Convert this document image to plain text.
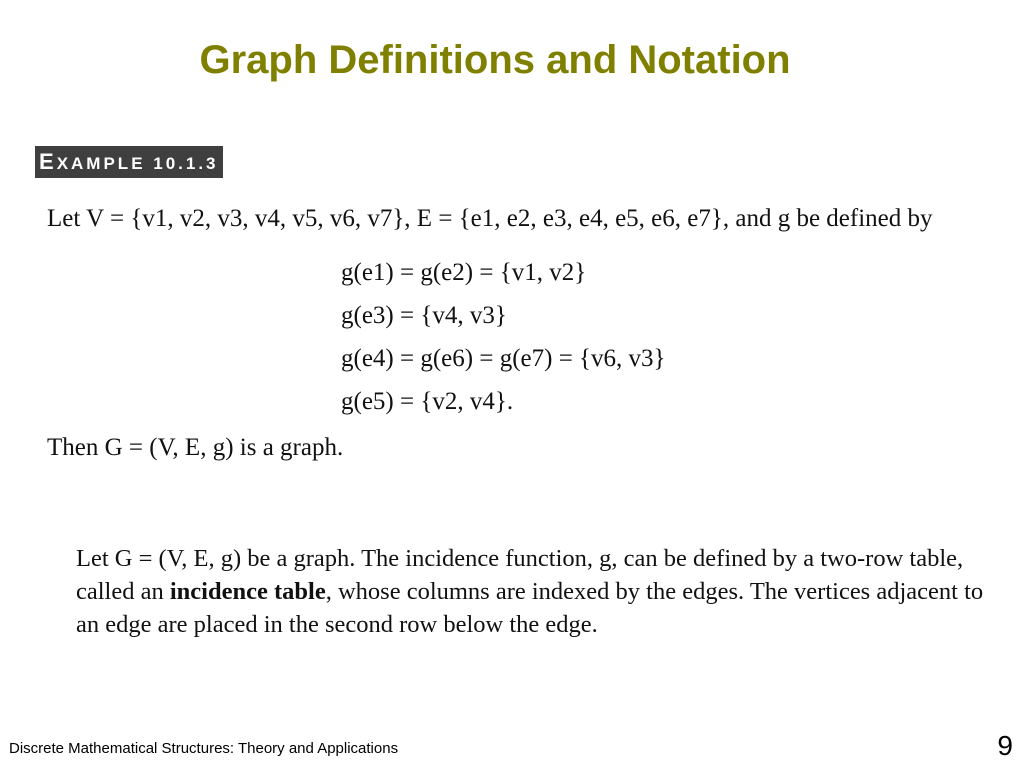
Graph Definitions and Notation
EXAMPLE 10.1.3
Let V = {v1, v2, v3, v4, v5, v6, v7}, E = {e1, e2, e3, e4, e5, e6, e7}, and g be defined by
g(e1) = g(e2) = {v1, v2}
g(e3) = {v4, v3}
g(e4) = g(e6) = g(e7) = {v6, v3}
g(e5) = {v2, v4}.
Then G = (V, E, g) is a graph.
Let G = (V, E, g) be a graph. The incidence function, g, can be defined by a two-row table, called an incidence table, whose columns are indexed by the edges. The vertices adjacent to an edge are placed in the second row below the edge.
Discrete Mathematical Structures: Theory and Applications	9
